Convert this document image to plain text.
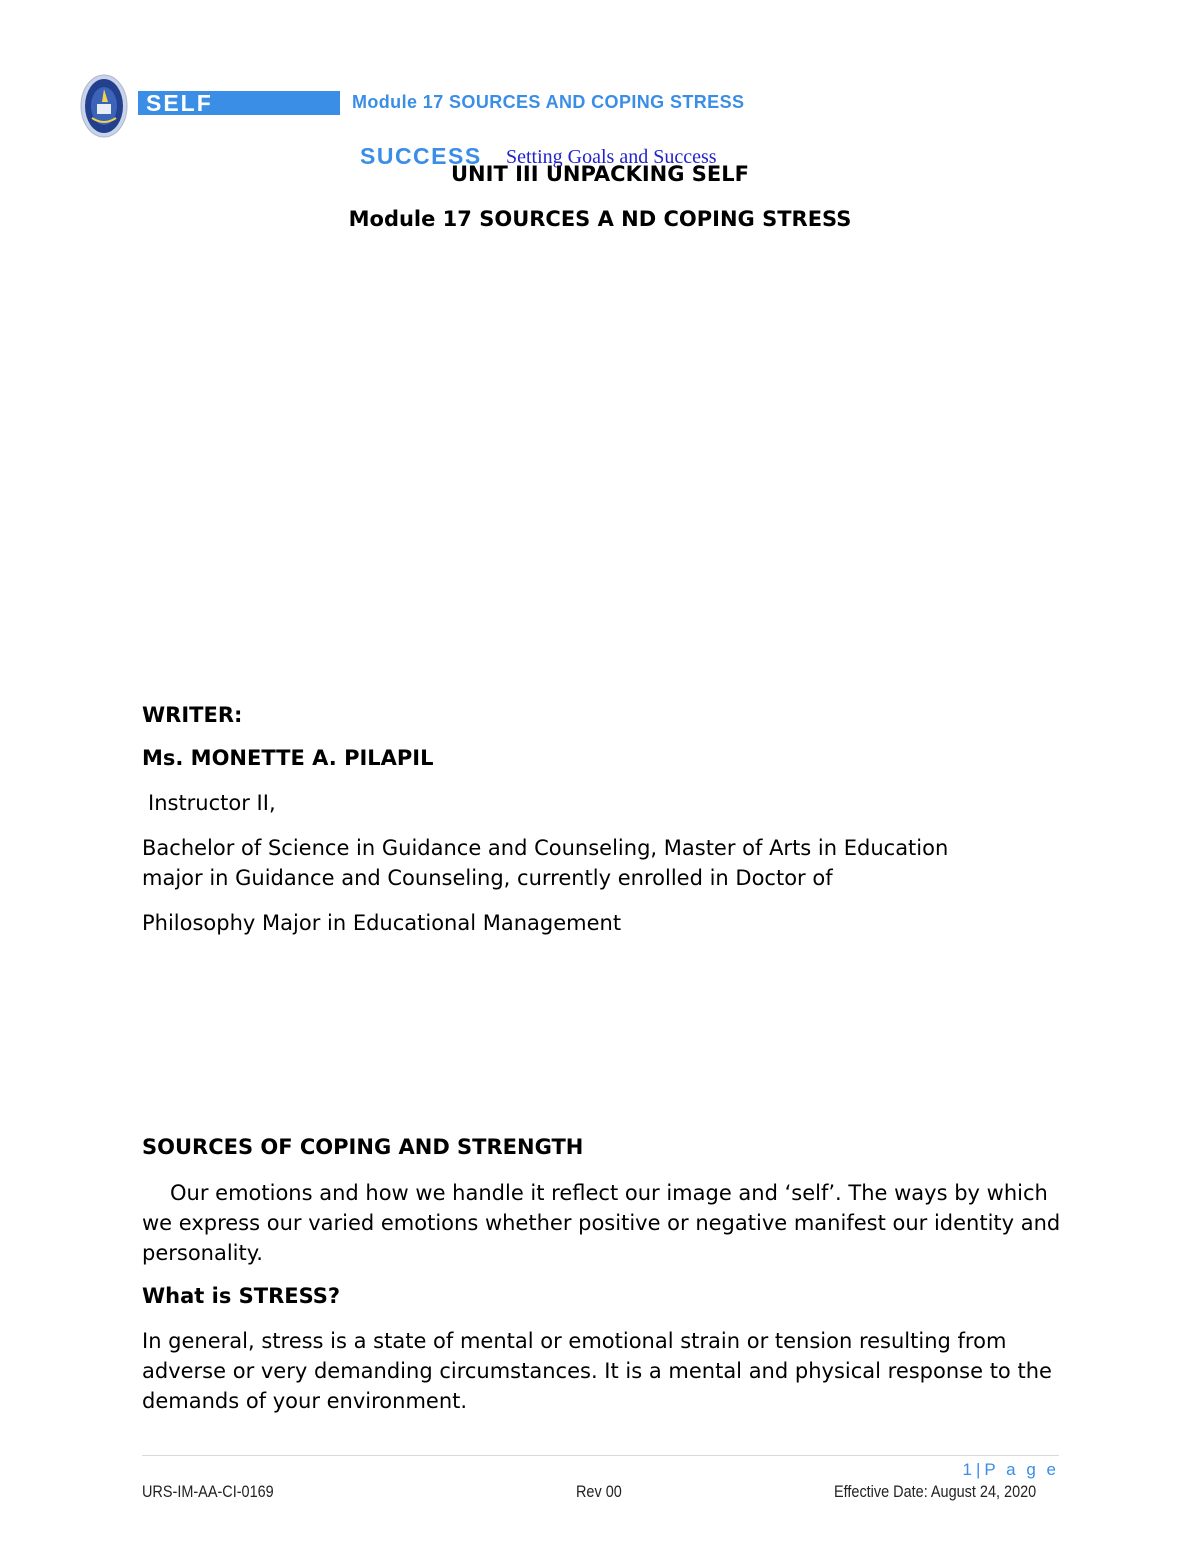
SELF	Module 17 SOURCES AND COPING STRESS
SUCCESS Setting Goals and Success
UNIT III UNPACKING SELF
Module 17 SOURCES A ND COPING STRESS
WRITER:
Ms. MONETTE A. PILAPIL
Instructor II,
Bachelor of Science in Guidance and Counseling, Master of Arts in Education
major in Guidance and Counseling, currently enrolled in Doctor of
Philosophy Major in Educational Management
SOURCES OF COPING AND STRENGTH
Our emotions and how we handle it reflect our image and ‘self’. The ways by which we express our varied emotions whether positive or negative manifest our identity and personality.
What is STRESS?
In general, stress is a state of mental or emotional strain or tension resulting from adverse or very demanding circumstances. It is a mental and physical response to the demands of your environment.
1 | P a g e
URS-IM-AA-CI-0169	Rev 00	Effective Date: August 24, 2020
